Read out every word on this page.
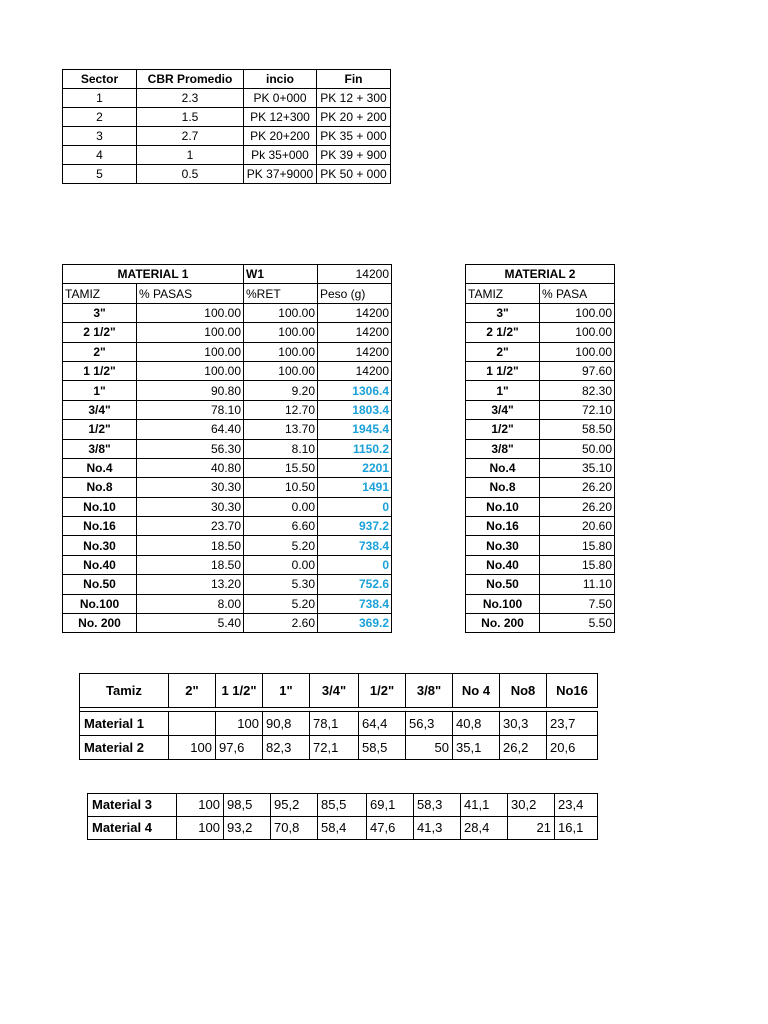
Sector	CBR Promedio	incio	Fin
1	2.3	PK 0+000	PK 12 + 300
2	1.5	PK 12+300	PK 20 + 200
3	2.7	PK 20+200	PK 35 + 000
4	1	Pk 35+000	PK 39 + 900
5	0.5	PK 37+9000	PK 50 + 000
MATERIAL 1		W1	14200
TAMIZ	% PASAS	%RET	Peso (g)
3"	100.00	100.00	14200
2 1/2"	100.00	100.00	14200
2"	100.00	100.00	14200
1 1/2"	100.00	100.00	14200
1"	90.80	9.20	1306.4
3/4"	78.10	12.70	1803.4
1/2"	64.40	13.70	1945.4
3/8"	56.30	8.10	1150.2
No.4	40.80	15.50	2201
No.8	30.30	10.50	1491
No.10	30.30	0.00	0
No.16	23.70	6.60	937.2
No.30	18.50	5.20	738.4
No.40	18.50	0.00	0
No.50	13.20	5.30	752.6
No.100	8.00	5.20	738.4
No. 200	5.40	2.60	369.2
MATERIAL 2	
TAMIZ	% PASA
3"	100.00
2 1/2"	100.00
2"	100.00
1 1/2"	97.60
1"	82.30
3/4"	72.10
1/2"	58.50
3/8"	50.00
No.4	35.10
No.8	26.20
No.10	26.20
No.16	20.60
No.30	15.80
No.40	15.80
No.50	11.10
No.100	7.50
No. 200	5.50
Tamiz	2"	1 1/2"	1"	3/4"	1/2"	3/8"	No 4	No8	No16

Material 1		100	90,8	78,1	64,4	56,3	40,8	30,3	23,7
Material 2	100	97,6	82,3	72,1	58,5	50	35,1	26,2	20,6
Material 3	100	98,5	95,2	85,5	69,1	58,3	41,1	30,2	23,4
Material 4	100	93,2	70,8	58,4	47,6	41,3	28,4	21	16,1
